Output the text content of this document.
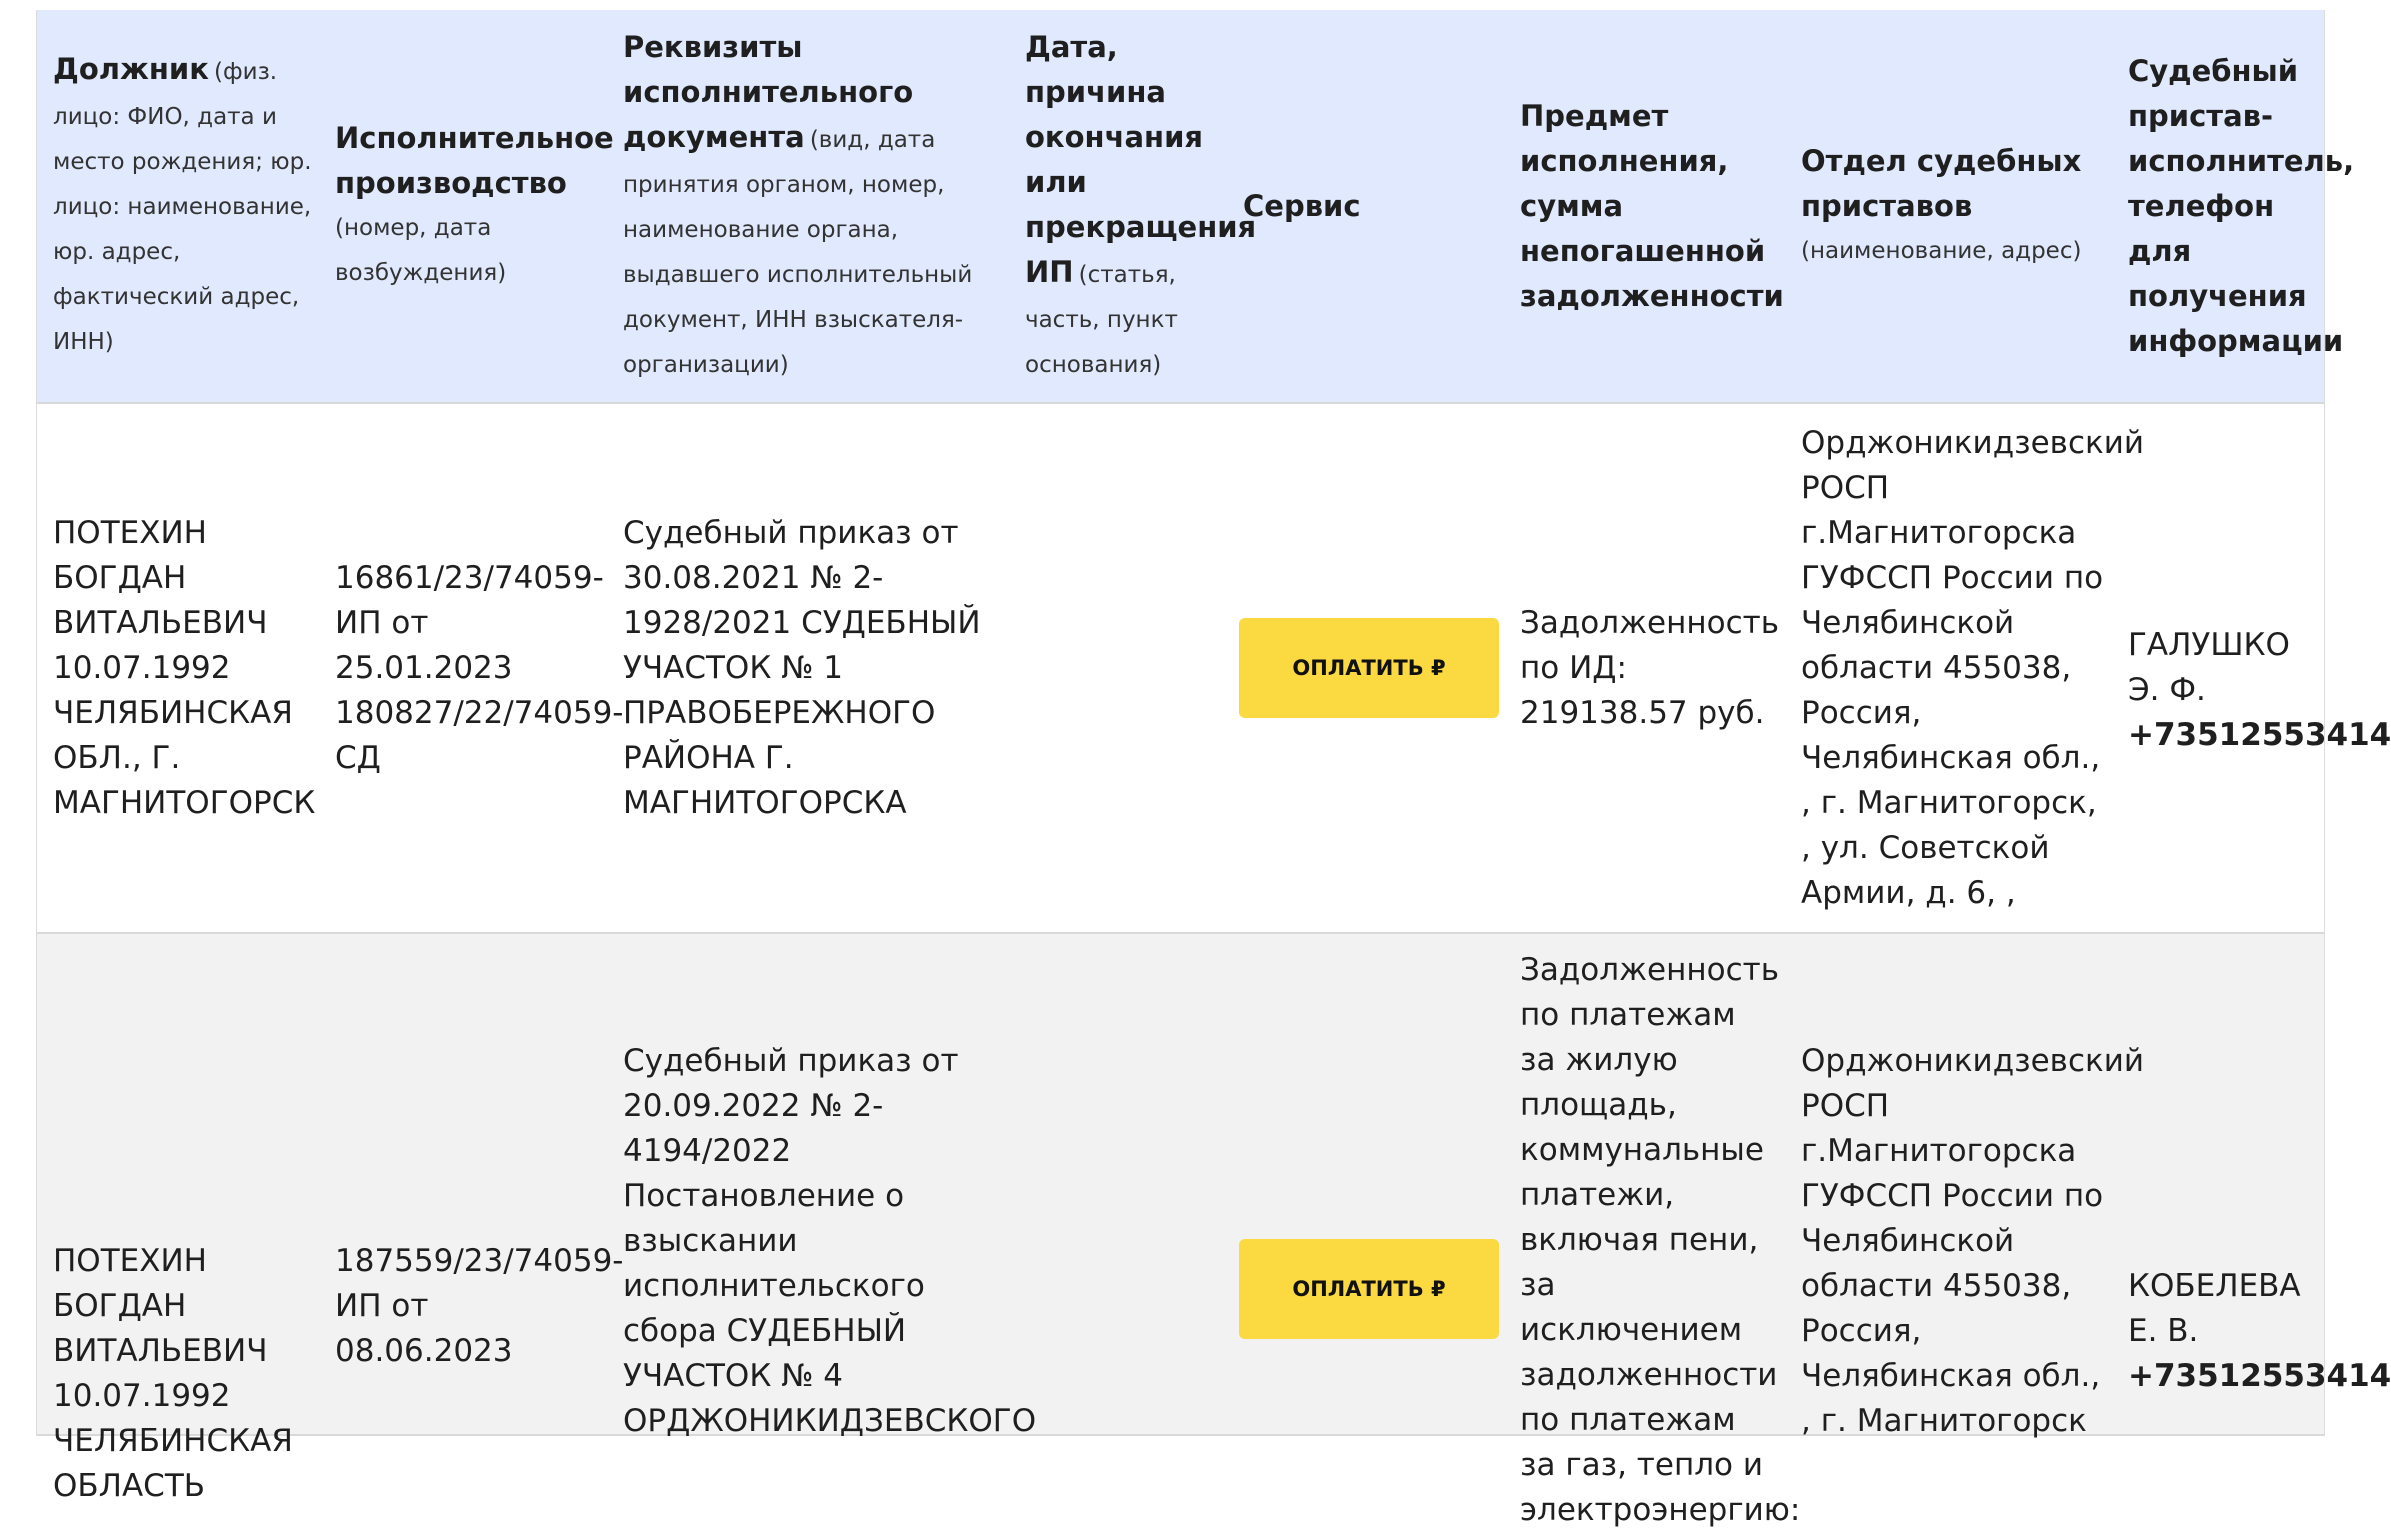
Должник (физ. лицо: ФИО, дата и место рождения; юр. лицо: наименование, юр. адрес, фактический адрес, ИНН)
Исполнительное производство (номер, дата возбуждения)
Реквизиты исполнительного документа (вид, дата принятия органом, номер, наименование органа, выдавшего исполнительный документ, ИНН взыскателя-организации)
Дата, причина окончания или прекращения ИП (статья, часть, пункт основания)
Сервис
Предмет исполнения, сумма непогашенной задолженности
Отдел судебных приставов (наименование, адрес)
Судебный пристав-исполнитель, телефон для получения информации
ПОТЕХИН БОГДАН ВИТАЛЬЕВИЧ 10.07.1992 ЧЕЛЯБИНСКАЯ ОБЛ., Г. МАГНИТОГОРСК
16861/23/74059-ИП от 25.01.2023 180827/22/74059-СД
Судебный приказ от 30.08.2021 № 2-1928/2021 СУДЕБНЫЙ УЧАСТОК № 1 ПРАВОБЕРЕЖНОГО РАЙОНА Г. МАГНИТОГОРСКА
ОПЛАТИТЬ ₽
Задолженность по ИД: 219138.57 руб.
Орджоникидзевский РОСП г.Магнитогорска ГУФССП России по Челябинской области 455038, Россия, Челябинская обл., , г. Магнитогорск, , ул. Советской Армии, д. 6, ,

ГАЛУШКО Э. Ф.
+73512553414

ПОТЕХИН БОГДАН ВИТАЛЬЕВИЧ 10.07.1992 ЧЕЛЯБИНСКАЯ ОБЛАСТЬ
187559/23/74059-ИП от 08.06.2023
Судебный приказ от 20.09.2022 № 2-4194/2022 Постановление о взыскании исполнительского сбора СУДЕБНЫЙ УЧАСТОК № 4 ОРДЖОНИКИДЗЕВСКОГО
ОПЛАТИТЬ ₽
Задолженность по платежам за жилую площадь, коммунальные платежи, включая пени, за исключением задолженности по платежам за газ, тепло и электроэнергию:
Орджоникидзевский РОСП г.Магнитогорска ГУФССП России по Челябинской области 455038, Россия, Челябинская обл., , г. Магнитогорск

КОБЕЛЕВА Е. В.
+73512553414
